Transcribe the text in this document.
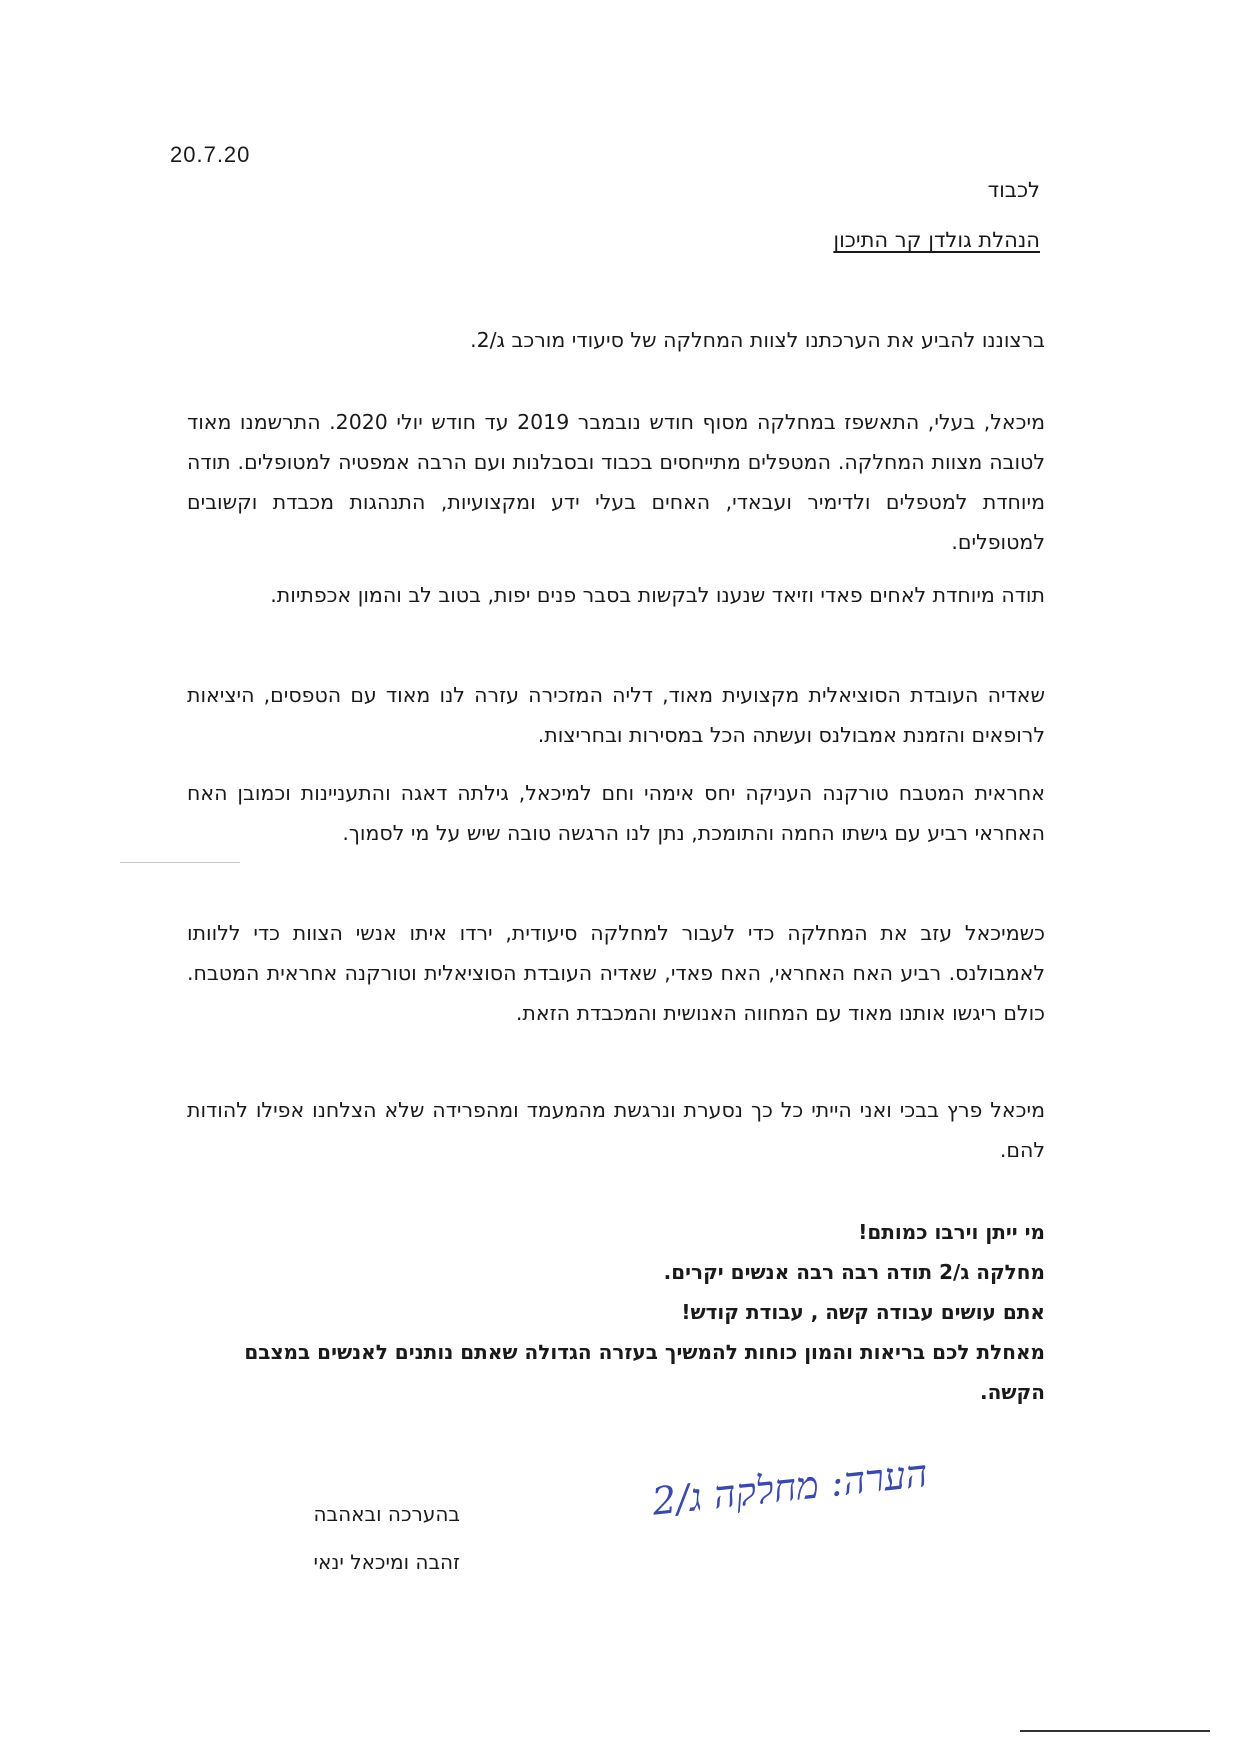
20.7.20
לכבוד
הנהלת גולדן קר התיכון
ברצוננו להביע את הערכתנו לצוות המחלקה של סיעודי מורכב ג/2.
מיכאל, בעלי, התאשפז במחלקה מסוף חודש נובמבר 2019 עד חודש יולי 2020. התרשמנו מאוד לטובה מצוות המחלקה. המטפלים מתייחסים בכבוד ובסבלנות ועם הרבה אמפטיה למטופלים. תודה מיוחדת למטפלים ולדימיר ועבאדי, האחים בעלי ידע ומקצועיות, התנהגות מכבדת וקשובים למטופלים.
תודה מיוחדת לאחים פאדי וזיאד שנענו לבקשות בסבר פנים יפות, בטוב לב והמון אכפתיות.
שאדיה העובדת הסוציאלית מקצועית מאוד, דליה המזכירה עזרה לנו מאוד עם הטפסים, היציאות לרופאים והזמנת אמבולנס ועשתה הכל במסירות ובחריצות.
אחראית המטבח טורקנה העניקה יחס אימהי וחם למיכאל, גילתה דאגה והתעניינות וכמובן האח האחראי רביע עם גישתו החמה והתומכת, נתן לנו הרגשה טובה שיש על מי לסמוך.
כשמיכאל עזב את המחלקה כדי לעבור למחלקה סיעודית, ירדו איתו אנשי הצוות כדי ללוותו לאמבולנס. רביע האח האחראי, האח פאדי, שאדיה העובדת הסוציאלית וטורקנה אחראית המטבח. כולם ריגשו אותנו מאוד עם המחווה האנושית והמכבדת הזאת.
מיכאל פרץ בבכי ואני הייתי כל כך נסערת ונרגשת מהמעמד ומהפרידה שלא הצלחנו אפילו להודות להם.
מי ייתן וירבו כמותם!
מחלקה ג/2 תודה רבה רבה אנשים יקרים.
אתם עושים עבודה קשה , עבודת קודש!
מאחלת לכם בריאות והמון כוחות להמשיך בעזרה הגדולה שאתם נותנים לאנשים במצבם הקשה.
בהערכה ובאהבה
זהבה ומיכאל ינאי
הערה: מחלקה ג/2
